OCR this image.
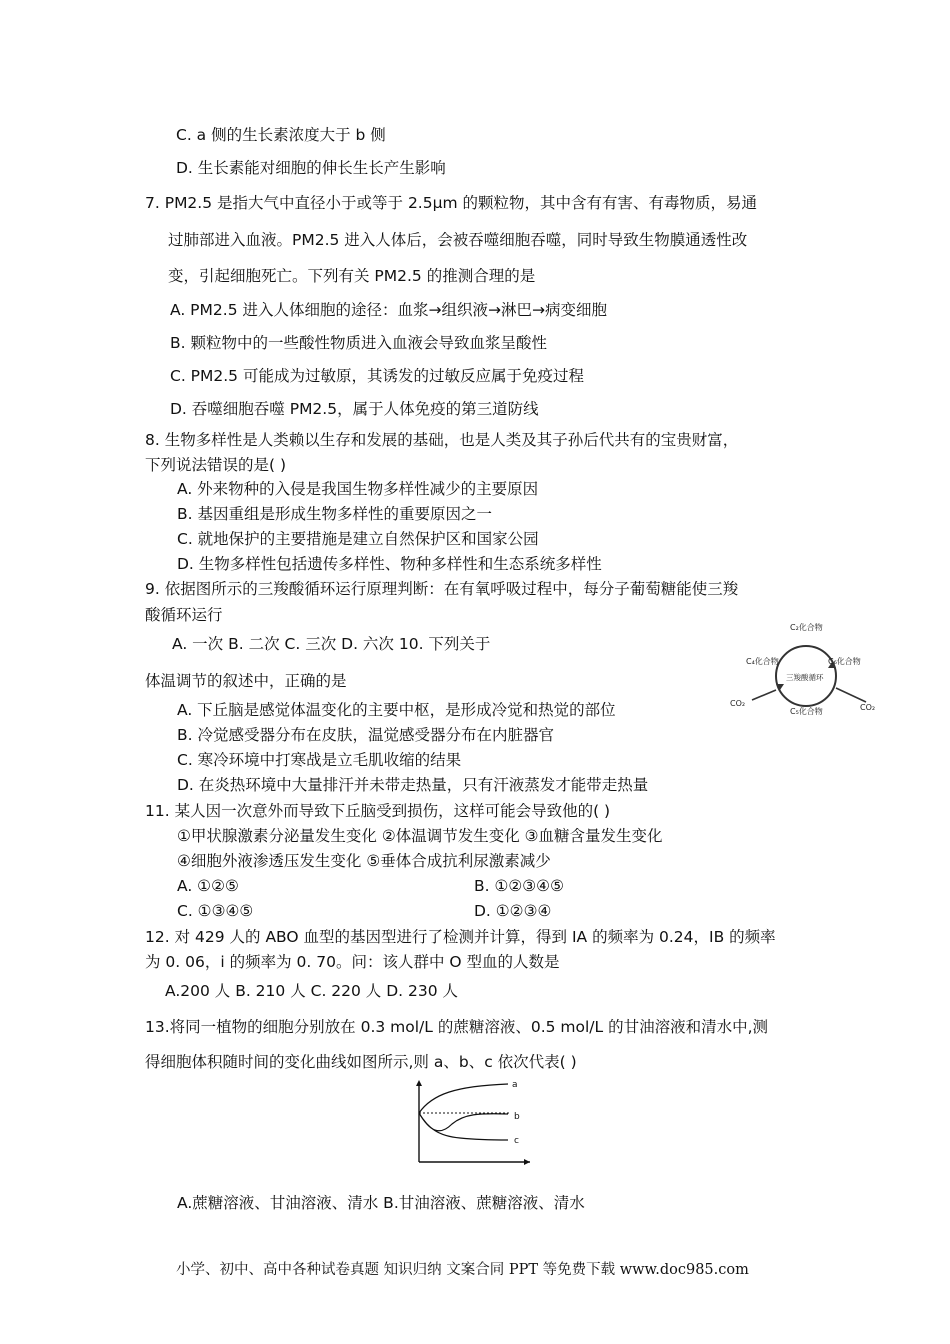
C. a 侧的生长素浓度大于 b 侧
D. 生长素能对细胞的伸长生长产生影响
7. PM2.5 是指大气中直径小于或等于 2.5μm 的颗粒物，其中含有有害、有毒物质，易通
过肺部进入血液。PM2.5 进入人体后，会被吞噬细胞吞噬，同时导致生物膜通透性改
变，引起细胞死亡。下列有关 PM2.5 的推测合理的是
A. PM2.5 进入人体细胞的途径：血浆→组织液→淋巴→病变细胞
B. 颗粒物中的一些酸性物质进入血液会导致血浆呈酸性
C. PM2.5 可能成为过敏原，其诱发的过敏反应属于免疫过程
D. 吞噬细胞吞噬 PM2.5，属于人体免疫的第三道防线
8. 生物多样性是人类赖以生存和发展的基础，也是人类及其子孙后代共有的宝贵财富，
下列说法错误的是( )
A. 外来物种的入侵是我国生物多样性减少的主要原因
B. 基因重组是形成生物多样性的重要原因之一
C. 就地保护的主要措施是建立自然保护区和国家公园
D. 生物多样性包括遗传多样性、物种多样性和生态系统多样性
9. 依据图所示的三羧酸循环运行原理判断：在有氧呼吸过程中，每分子葡萄糖能使三羧
酸循环运行
A. 一次 B. 二次 C. 三次 D. 六次 10. 下列关于
C₂化合物
C₄化合物	C₆化合物
三羧酸循环
C₅化合物
CO₂	CO₂
体温调节的叙述中，正确的是
A. 下丘脑是感觉体温变化的主要中枢，是形成冷觉和热觉的部位
B. 冷觉感受器分布在皮肤，温觉感受器分布在内脏器官
C. 寒冷环境中打寒战是立毛肌收缩的结果
D. 在炎热环境中大量排汗并未带走热量，只有汗液蒸发才能带走热量
11. 某人因一次意外而导致下丘脑受到损伤，这样可能会导致他的( )
①甲状腺激素分泌量发生变化 ②体温调节发生变化 ③血糖含量发生变化
④细胞外液渗透压发生变化 ⑤垂体合成抗利尿激素减少
A. ①②⑤	B. ①②③④⑤
C. ①③④⑤	D. ①②③④
12. 对 429 人的 ABO 血型的基因型进行了检测并计算，得到 IA 的频率为 0.24，IB 的频率
为 0. 06，i 的频率为 0. 70。问：该人群中 O 型血的人数是
A.200 人 B. 210 人 C. 220 人 D. 230 人
13.将同一植物的细胞分别放在 0.3 mol/L 的蔗糖溶液、0.5 mol/L 的甘油溶液和清水中,测
得细胞体积随时间的变化曲线如图所示,则 a、b、c 依次代表( )
a
b
c
A.蔗糖溶液、甘油溶液、清水 B.甘油溶液、蔗糖溶液、清水
小学、初中、高中各种试卷真题 知识归纳 文案合同 PPT 等免费下载 www.doc985.com
